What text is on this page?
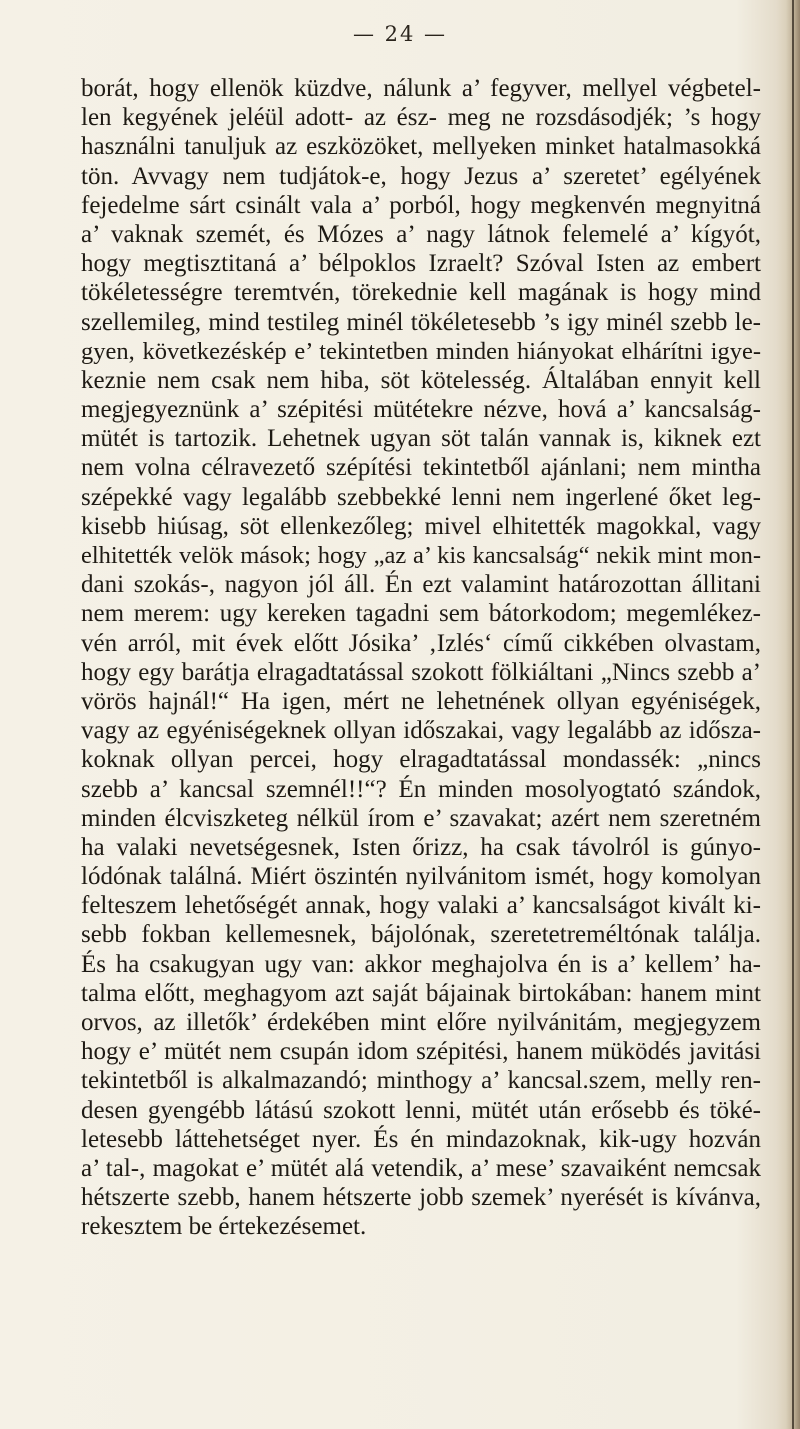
— 24 —
borát, hogy ellenök küzdve, nálunk a’ fegyver, mellyel végbetel-
len kegyének jeléül adott- az ész- meg ne rozsdásodjék; ’s hogy
használni tanuljuk az eszközöket, mellyeken minket hatalmasokká
tön. Avvagy nem tudjátok-e, hogy Jezus a’ szeretet’ egélyének
fejedelme sárt csinált vala a’ porból, hogy megkenvén megnyitná
a’ vaknak szemét, és Mózes a’ nagy látnok felemelé a’ kígyót,
hogy megtisztitaná a’ bélpoklos Izraelt? Szóval Isten az embert
tökéletességre teremtvén, törekednie kell magának is hogy mind
szellemileg, mind testileg minél tökéletesebb ’s igy minél szebb le-
gyen, következéskép e’ tekintetben minden hiányokat elhárítni igye-
keznie nem csak nem hiba, söt kötelesség. Általában ennyit kell
megjegyeznünk a’ szépitési mütétekre nézve, hová a’ kancsalság-
mütét is tartozik. Lehetnek ugyan söt talán vannak is, kiknek ezt
nem volna célravezető szépítési tekintetből ajánlani; nem mintha
szépekké vagy legalább szebbekké lenni nem ingerlené őket leg-
kisebb hiúsag, söt ellenkezőleg; mivel elhitették magokkal, vagy
elhitették velök mások; hogy „az a’ kis kancsalság“ nekik mint mon-
dani szokás-, nagyon jól áll. Én ezt valamint határozottan állitani
nem merem: ugy kereken tagadni sem bátorkodom; megemlékez-
vén arról, mit évek előtt Jósika’ ‚Izlés‘ című cikkében olvastam,
hogy egy barátja elragadtatással szokott fölkiáltani „Nincs szebb a’
vörös hajnál!“ Ha igen, mért ne lehetnének ollyan egyéniségek,
vagy az egyéniségeknek ollyan időszakai, vagy legalább az idősza-
koknak ollyan percei, hogy elragadtatással mondassék: „nincs
szebb a’ kancsal szemnél!!“? Én minden mosolyogtató szándok,
minden élcviszketeg nélkül írom e’ szavakat; azért nem szeretném
ha valaki nevetségesnek, Isten őrizz, ha csak távolról is gúnyo-
lódónak találná. Miért öszintén nyilvánitom ismét, hogy komolyan
felteszem lehetőségét annak, hogy valaki a’ kancsalságot kivált ki-
sebb fokban kellemesnek, bájolónak, szeretetreméltónak találja.
És ha csakugyan ugy van: akkor meghajolva én is a’ kellem’ ha-
talma előtt, meghagyom azt saját bájainak birtokában: hanem mint
orvos, az illetők’ érdekében mint előre nyilvánitám, megjegyzem
hogy e’ mütét nem csupán idom szépitési, hanem müködés javitási
tekintetből is alkalmazandó; minthogy a’ kancsal.szem, melly ren-
desen gyengébb látású szokott lenni, mütét után erősebb és töké-
letesebb láttehetséget nyer. És én mindazoknak, kik-ugy hozván
a’ tal-, magokat e’ mütét alá vetendik, a’ mese’ szavaiként nemcsak
hétszerte szebb, hanem hétszerte jobb szemek’ nyerését is kívánva,
rekesztem be értekezésemet.
